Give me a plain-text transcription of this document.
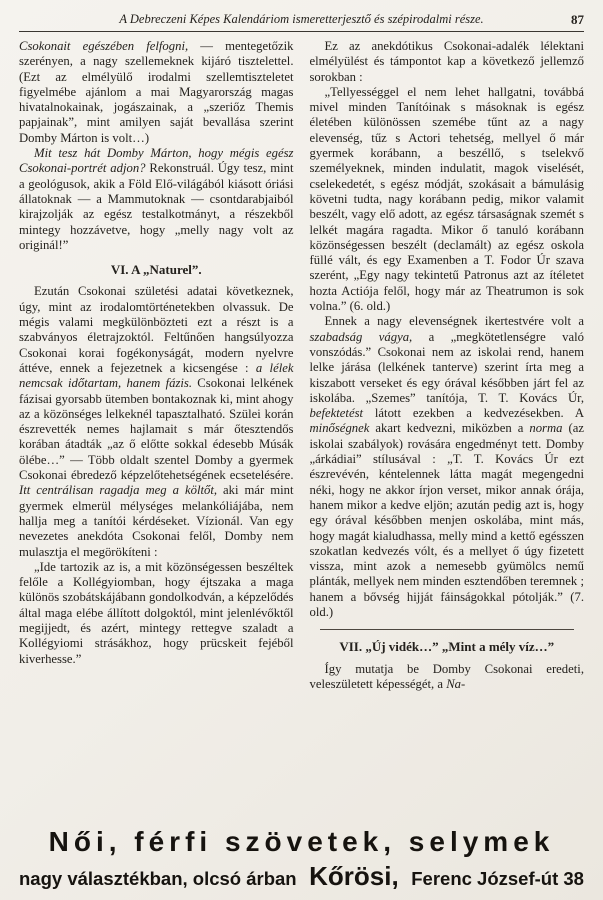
A Debreczeni Képes Kalendáriom ismeretterjesztő és szépirodalmi része.	87

Csokonait egészében felfogni, — mentegetőzik szerényen, a nagy szellemeknek kijáró tisztelettel. (Ezt az elmélyülő irodalmi szellemtiszteletet figyelmébe ajánlom a mai Magyarország magas hivatalnokainak, jogászainak, a „szeriőz Themis papjainak”, mint amilyen saját bevallása szerint Domby Márton is volt…)

Mit tesz hát Domby Márton, hogy mégis egész Csokonai-portrét adjon? Rekonstruál. Úgy tesz, mint a geológusok, akik a Föld Elő-világából kiásott óriási állatoknak — a Mammutoknak — csontdarabjaiból kirajzolják az egész testalkotmányt, a részekből mintegy hozzávetve, hogy „melly nagy volt az originál!”

VI. A „Naturel”.

Ezután Csokonai születési adatai következnek, úgy, mint az irodalomtörténetekben olvassuk. De mégis valami megkülönbözteti ezt a részt is a szabványos életrajzoktól. Feltűnően hangsúlyozza Csokonai korai fogékonyságát, modern nyelvre áttéve, ennek a fejezetnek a kicsengése : a lélek nemcsak időtartam, hanem fázis. Csokonai lelkének fázisai gyorsabb ütemben bontakoznak ki, mint ahogy az a közönséges lelkeknél tapasztalható. Szülei korán észrevették nemes hajlamait s már őtesztendős korában átadták „az ő előtte sokkal édesebb Músák ölébe…” — Több oldalt szentel Domby a gyermek Csokonai ébredező képzelőtehetségének ecsetelésére. Itt centrálisan ragadja meg a költőt, aki már mint gyermek elmerül mélységes melankóliájába, nem hallja meg a tanítói kérdéseket. Vízionál. Van egy nevezetes anekdóta Csokonai felől, Domby nem mulasztja el megörökíteni :

„Ide tartozik az is, a mit közönségessen beszéltek felőle a Kollégyiomban, hogy éjtszaka a maga különös szobátskájábann gondolkodván, a képzelődés által maga elébe állított dolgoktól, mint jelenlévőktől megijjedt, és azért, mintegy rettegve szaladt a Kollégyiomi strásákhoz, hogy prücskeit fejéből kiverhesse.”

Ez az anekdótikus Csokonai-adalék lélektani elmélyülést és támpontot kap a következő jellemző sorokban :

„Tellyességgel el nem lehet hallgatni, továbbá mivel minden Tanítóinak s másoknak is egész életében különössen szemébe tűnt az a nagy elevenség, tűz s Actori tehetség, mellyel ő már gyermek korábann, a beszéllő, s tselekvő személyeknek, minden indulatit, magok viselését, cselekedetét, s egész módját, szokásait a bámulásig követni tudta, nagy korábann pedig, mikor valamit beszélt, vagy elő adott, az egész társaságnak szemét s lelkét magára ragadta. Mikor ő tanuló korábann közönségessen beszélt (declamált) az egész oskola füllé vált, és egy Examenben a T. Fodor Úr szava szerént, „Egy nagy tekintetű Patronus azt az ítéletet hozta Actiója felől, hogy már az Theatrumon is sok volna.” (6. old.)

Ennek a nagy elevenségnek ikertestvére volt a szabadság vágya, a „megkötetlenségre való vonszódás.” Csokonai nem az iskolai rend, hanem lelke járása (lelkének tanterve) szerint írta meg a kiszabott verseket és egy órával későbben járt fel az iskolába. „Szemes” tanítója, T. T. Kovács Úr, befektetést látott ezekben a kedvezésekben. A minőségnek akart kedvezni, miközben a norma (az iskolai szabályok) rovására engedményt tett. Domby „árkádiai” stílusával : „T. T. Kovács Úr ezt észrevévén, kéntelennek látta magát megengedni néki, hogy ne akkor írjon verset, mikor annak órája, hanem mikor a kedve eljön; azután pedig azt is, hogy egy órával későbben menjen oskolába, mint más, hogy magát kialudhassa, melly mind a kettő egésszen szokatlan kedvezés vólt, és a mellyet ő úgy fizetett vissza, mint azok a nemesebb gyümölcs nemű plánták, mellyek nem minden esztendőben teremnek ; hanem a bővség hijját fáinságokkal pótolják.” (7. old.)

VII. „Új vidék…” „Mint a mély víz…”

Így mutatja be Domby Csokonai eredeti, veleszületett képességét, a Na-

Női, férfi szövetek, selymek
nagy választékban, olcsó árban Kőrösi, Ferenc József-út 38
